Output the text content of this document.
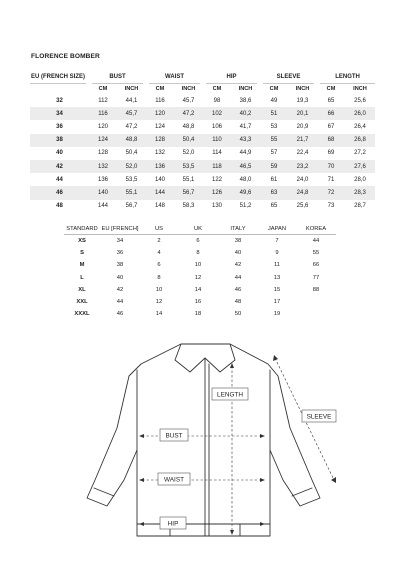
FLORENCE BOMBER
EU (FRENCH SIZE)	BUST		WAIST		HIP		SLEEVE		LENGTH	
	CM	INCH	CM	INCH	CM	INCH	CM	INCH	CM	INCH
32	112	44,1	116	45,7	98	38,6	49	19,3	65	25,6
34	116	45,7	120	47,2	102	40,2	51	20,1	66	26,0
36	120	47,2	124	48,8	106	41,7	53	20,9	67	26,4
38	124	48,8	128	50,4	110	43,3	55	21,7	68	26,8
40	128	50,4	132	52,0	114	44,9	57	22,4	69	27,2
42	132	52,0	136	53,5	118	46,5	59	23,2	70	27,6
44	136	53,5	140	55,1	122	48,0	61	24,0	71	28,0
46	140	55,1	144	56,7	126	49,6	63	24,8	72	28,3
48	144	56,7	148	58,3	130	51,2	65	25,6	73	28,7
STANDARD	EU [FRENCH]	US	UK	ITALY	JAPAN	KOREA
XS	34	2	6	38	7	44
S	36	4	8	40	9	55
M	38	6	10	42	11	66
L	40	8	12	44	13	77
XL	42	10	14	46	15	88
XXL	44	12	16	48	17	
XXXL	46	14	18	50	19	
LENGTH
BUST
WAIST
HIP
SLEEVE
